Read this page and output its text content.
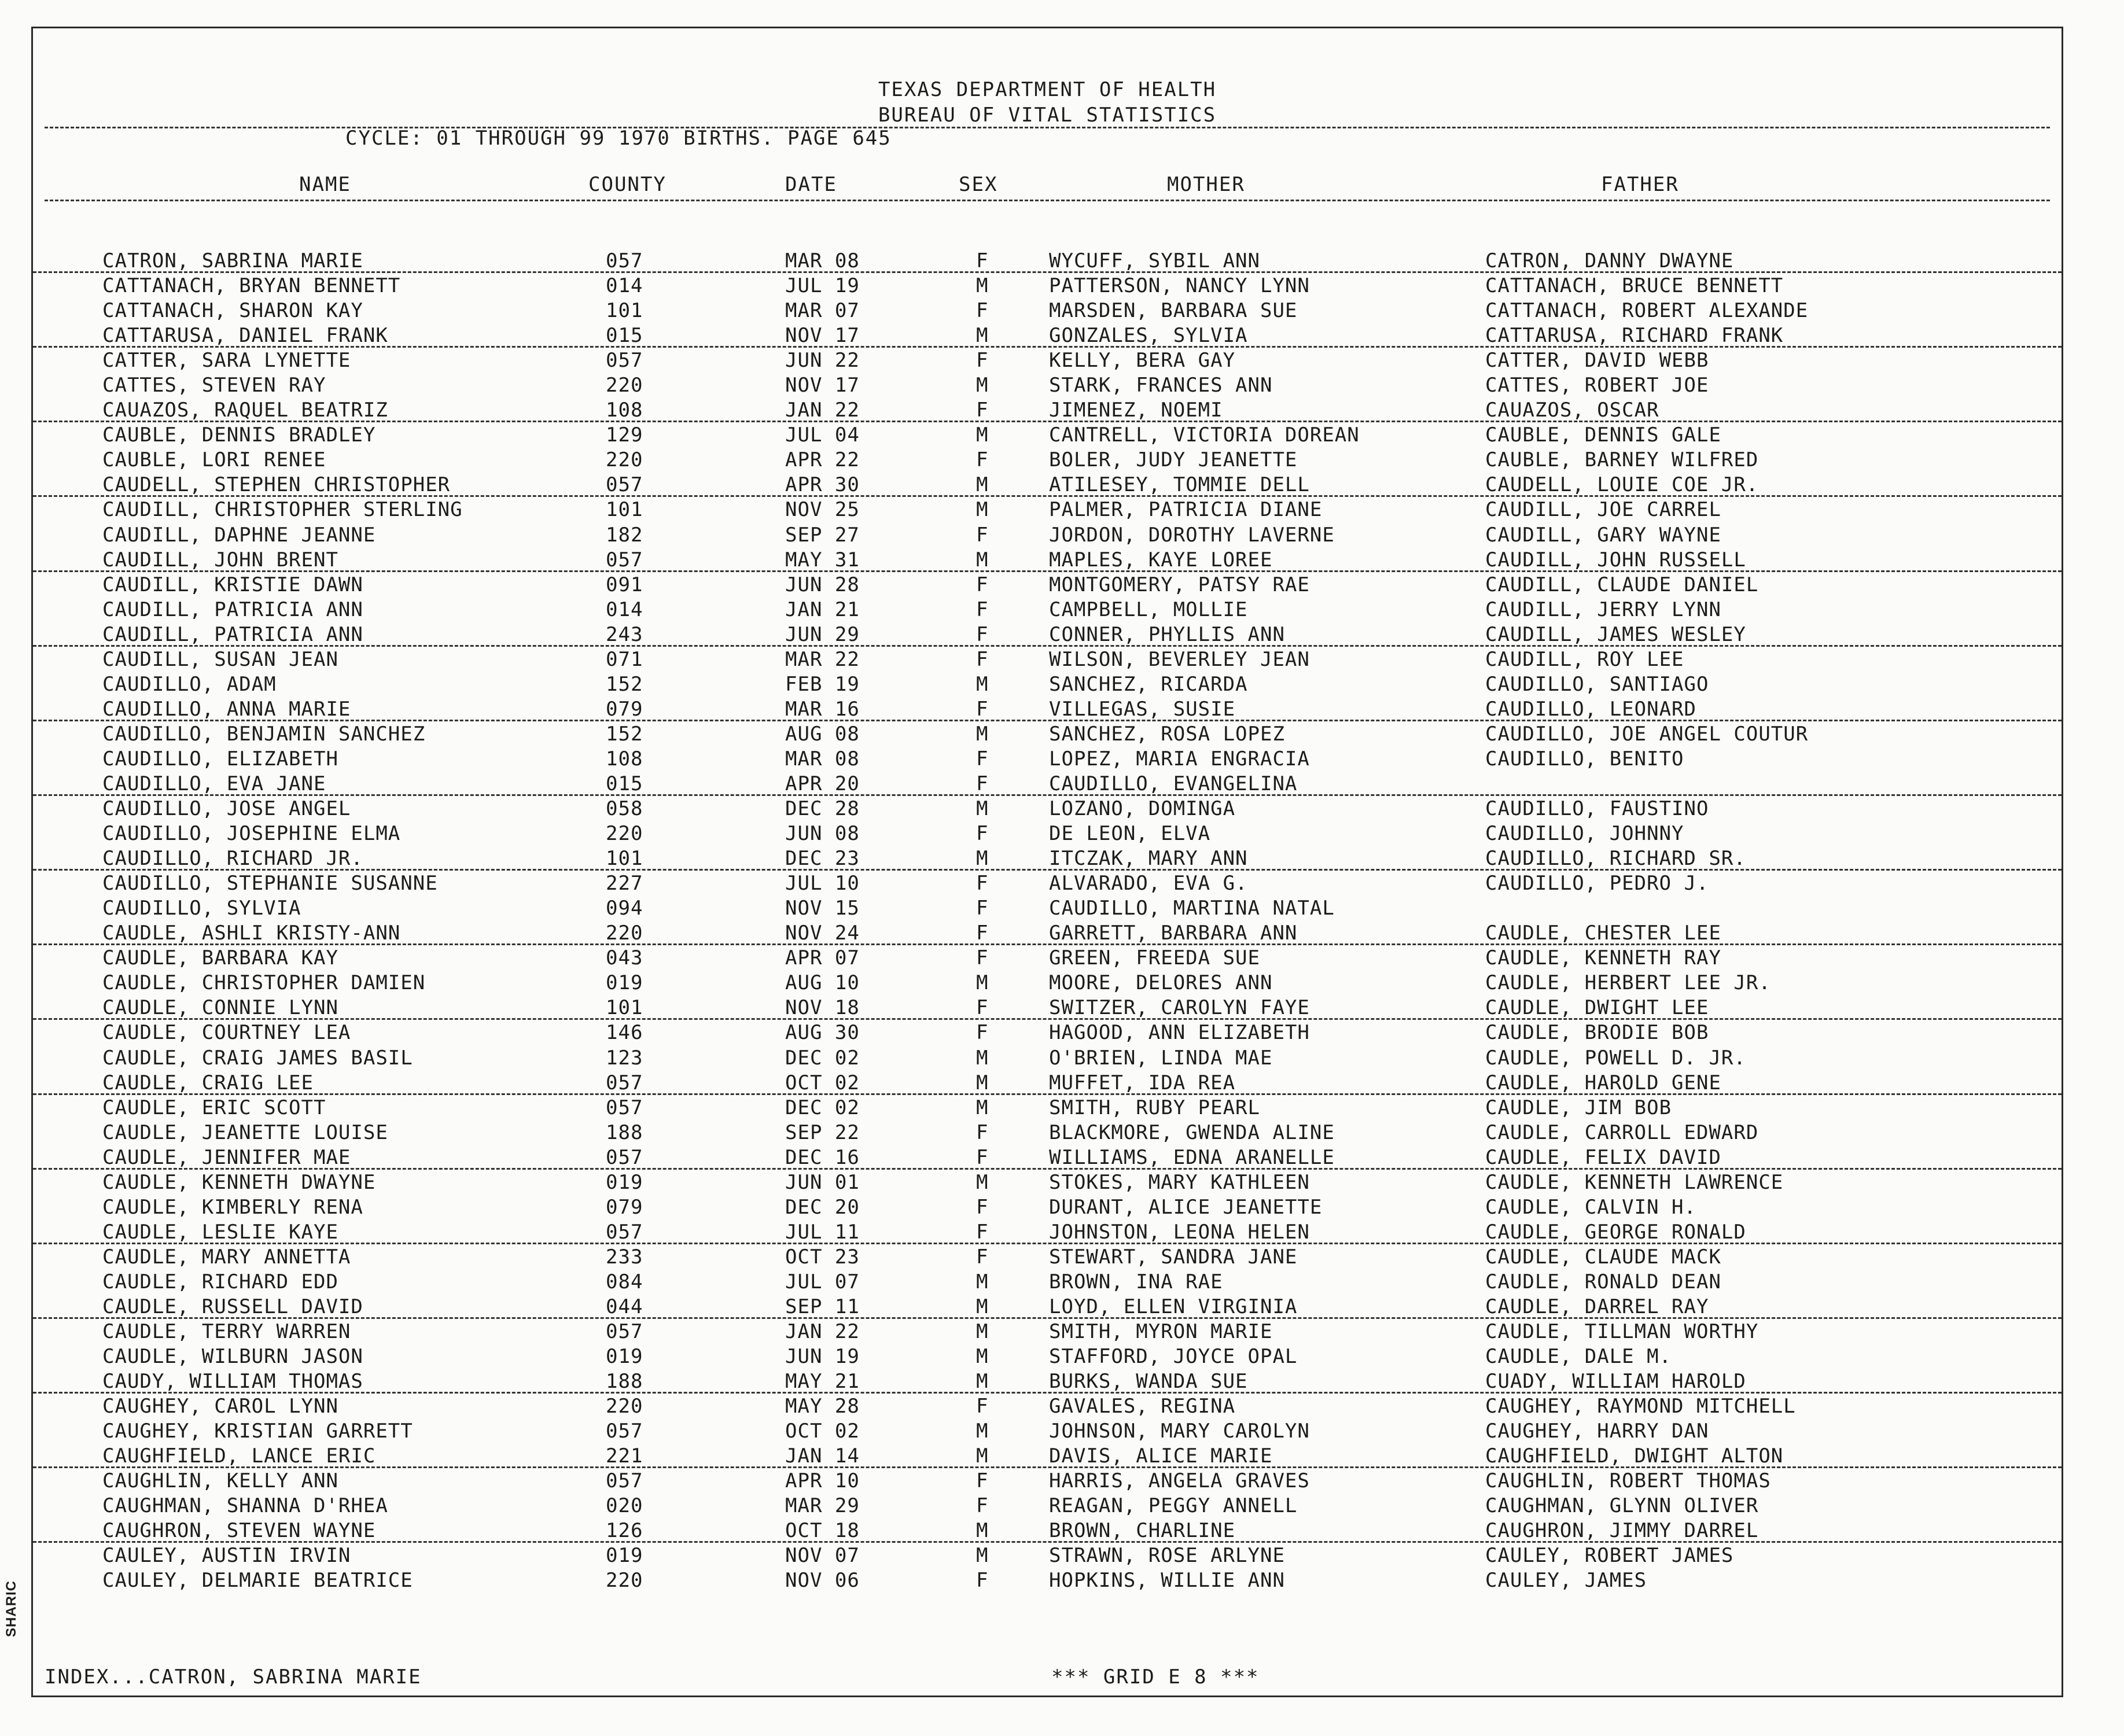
SHARIC
TEXAS DEPARTMENT OF HEALTH
BUREAU OF VITAL STATISTICS
CYCLE: 01 THROUGH 99 1970 BIRTHS. PAGE 645
NAME	COUNTY	DATE	SEX	MOTHER	FATHER
CATRON, SABRINA MARIE	057	MAR 08	F	WYCUFF, SYBIL ANN	CATRON, DANNY DWAYNE
CATTANACH, BRYAN BENNETT	014	JUL 19	M	PATTERSON, NANCY LYNN	CATTANACH, BRUCE BENNETT
CATTANACH, SHARON KAY	101	MAR 07	F	MARSDEN, BARBARA SUE	CATTANACH, ROBERT ALEXANDE
CATTARUSA, DANIEL FRANK	015	NOV 17	M	GONZALES, SYLVIA	CATTARUSA, RICHARD FRANK
CATTER, SARA LYNETTE	057	JUN 22	F	KELLY, BERA GAY	CATTER, DAVID WEBB
CATTES, STEVEN RAY	220	NOV 17	M	STARK, FRANCES ANN	CATTES, ROBERT JOE
CAUAZOS, RAQUEL BEATRIZ	108	JAN 22	F	JIMENEZ, NOEMI	CAUAZOS, OSCAR
CAUBLE, DENNIS BRADLEY	129	JUL 04	M	CANTRELL, VICTORIA DOREAN	CAUBLE, DENNIS GALE
CAUBLE, LORI RENEE	220	APR 22	F	BOLER, JUDY JEANETTE	CAUBLE, BARNEY WILFRED
CAUDELL, STEPHEN CHRISTOPHER	057	APR 30	M	ATILESEY, TOMMIE DELL	CAUDELL, LOUIE COE JR.
CAUDILL, CHRISTOPHER STERLING	101	NOV 25	M	PALMER, PATRICIA DIANE	CAUDILL, JOE CARREL
CAUDILL, DAPHNE JEANNE	182	SEP 27	F	JORDON, DOROTHY LAVERNE	CAUDILL, GARY WAYNE
CAUDILL, JOHN BRENT	057	MAY 31	M	MAPLES, KAYE LOREE	CAUDILL, JOHN RUSSELL
CAUDILL, KRISTIE DAWN	091	JUN 28	F	MONTGOMERY, PATSY RAE	CAUDILL, CLAUDE DANIEL
CAUDILL, PATRICIA ANN	014	JAN 21	F	CAMPBELL, MOLLIE	CAUDILL, JERRY LYNN
CAUDILL, PATRICIA ANN	243	JUN 29	F	CONNER, PHYLLIS ANN	CAUDILL, JAMES WESLEY
CAUDILL, SUSAN JEAN	071	MAR 22	F	WILSON, BEVERLEY JEAN	CAUDILL, ROY LEE
CAUDILLO, ADAM	152	FEB 19	M	SANCHEZ, RICARDA	CAUDILLO, SANTIAGO
CAUDILLO, ANNA MARIE	079	MAR 16	F	VILLEGAS, SUSIE	CAUDILLO, LEONARD
CAUDILLO, BENJAMIN SANCHEZ	152	AUG 08	M	SANCHEZ, ROSA LOPEZ	CAUDILLO, JOE ANGEL COUTUR
CAUDILLO, ELIZABETH	108	MAR 08	F	LOPEZ, MARIA ENGRACIA	CAUDILLO, BENITO
CAUDILLO, EVA JANE	015	APR 20	F	CAUDILLO, EVANGELINA
CAUDILLO, JOSE ANGEL	058	DEC 28	M	LOZANO, DOMINGA	CAUDILLO, FAUSTINO
CAUDILLO, JOSEPHINE ELMA	220	JUN 08	F	DE LEON, ELVA	CAUDILLO, JOHNNY
CAUDILLO, RICHARD JR.	101	DEC 23	M	ITCZAK, MARY ANN	CAUDILLO, RICHARD SR.
CAUDILLO, STEPHANIE SUSANNE	227	JUL 10	F	ALVARADO, EVA G.	CAUDILLO, PEDRO J.
CAUDILLO, SYLVIA	094	NOV 15	F	CAUDILLO, MARTINA NATAL
CAUDLE, ASHLI KRISTY-ANN	220	NOV 24	F	GARRETT, BARBARA ANN	CAUDLE, CHESTER LEE
CAUDLE, BARBARA KAY	043	APR 07	F	GREEN, FREEDA SUE	CAUDLE, KENNETH RAY
CAUDLE, CHRISTOPHER DAMIEN	019	AUG 10	M	MOORE, DELORES ANN	CAUDLE, HERBERT LEE JR.
CAUDLE, CONNIE LYNN	101	NOV 18	F	SWITZER, CAROLYN FAYE	CAUDLE, DWIGHT LEE
CAUDLE, COURTNEY LEA	146	AUG 30	F	HAGOOD, ANN ELIZABETH	CAUDLE, BRODIE BOB
CAUDLE, CRAIG JAMES BASIL	123	DEC 02	M	O'BRIEN, LINDA MAE	CAUDLE, POWELL D. JR.
CAUDLE, CRAIG LEE	057	OCT 02	M	MUFFET, IDA REA	CAUDLE, HAROLD GENE
CAUDLE, ERIC SCOTT	057	DEC 02	M	SMITH, RUBY PEARL	CAUDLE, JIM BOB
CAUDLE, JEANETTE LOUISE	188	SEP 22	F	BLACKMORE, GWENDA ALINE	CAUDLE, CARROLL EDWARD
CAUDLE, JENNIFER MAE	057	DEC 16	F	WILLIAMS, EDNA ARANELLE	CAUDLE, FELIX DAVID
CAUDLE, KENNETH DWAYNE	019	JUN 01	M	STOKES, MARY KATHLEEN	CAUDLE, KENNETH LAWRENCE
CAUDLE, KIMBERLY RENA	079	DEC 20	F	DURANT, ALICE JEANETTE	CAUDLE, CALVIN H.
CAUDLE, LESLIE KAYE	057	JUL 11	F	JOHNSTON, LEONA HELEN	CAUDLE, GEORGE RONALD
CAUDLE, MARY ANNETTA	233	OCT 23	F	STEWART, SANDRA JANE	CAUDLE, CLAUDE MACK
CAUDLE, RICHARD EDD	084	JUL 07	M	BROWN, INA RAE	CAUDLE, RONALD DEAN
CAUDLE, RUSSELL DAVID	044	SEP 11	M	LOYD, ELLEN VIRGINIA	CAUDLE, DARREL RAY
CAUDLE, TERRY WARREN	057	JAN 22	M	SMITH, MYRON MARIE	CAUDLE, TILLMAN WORTHY
CAUDLE, WILBURN JASON	019	JUN 19	M	STAFFORD, JOYCE OPAL	CAUDLE, DALE M.
CAUDY, WILLIAM THOMAS	188	MAY 21	M	BURKS, WANDA SUE	CUADY, WILLIAM HAROLD
CAUGHEY, CAROL LYNN	220	MAY 28	F	GAVALES, REGINA	CAUGHEY, RAYMOND MITCHELL
CAUGHEY, KRISTIAN GARRETT	057	OCT 02	M	JOHNSON, MARY CAROLYN	CAUGHEY, HARRY DAN
CAUGHFIELD, LANCE ERIC	221	JAN 14	M	DAVIS, ALICE MARIE	CAUGHFIELD, DWIGHT ALTON
CAUGHLIN, KELLY ANN	057	APR 10	F	HARRIS, ANGELA GRAVES	CAUGHLIN, ROBERT THOMAS
CAUGHMAN, SHANNA D'RHEA	020	MAR 29	F	REAGAN, PEGGY ANNELL	CAUGHMAN, GLYNN OLIVER
CAUGHRON, STEVEN WAYNE	126	OCT 18	M	BROWN, CHARLINE	CAUGHRON, JIMMY DARREL
CAULEY, AUSTIN IRVIN	019	NOV 07	M	STRAWN, ROSE ARLYNE	CAULEY, ROBERT JAMES
CAULEY, DELMARIE BEATRICE	220	NOV 06	F	HOPKINS, WILLIE ANN	CAULEY, JAMES
INDEX...CATRON, SABRINA MARIE	*** GRID E 8 ***
